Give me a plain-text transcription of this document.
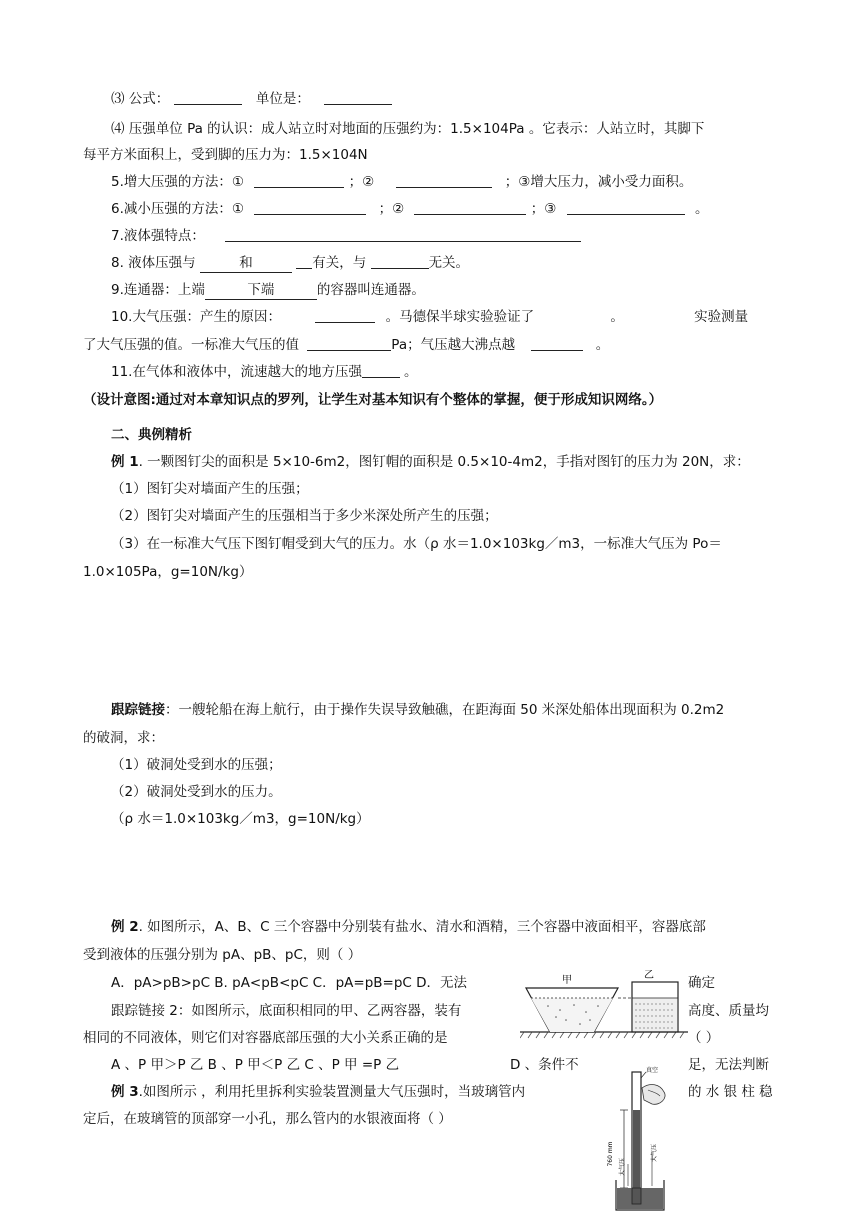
⑶ 公式：	单位是：
⑷ 压强单位 Pa 的认识：成人站立时对地面的压强约为：1.5×104Pa 。它表示：人站立时，其脚下
每平方米面积上，受到脚的压力为：1.5×104N
5.增大压强的方法：①	；②	；③增大压力，减小受力面积。
6.减小压强的方法：①	；②	；③	。
7.液体强特点：
8. 液体压强与	和	有关，与	无关。
9.连通器：上端	下端	的容器叫连通器。
10.大气压强：产生的原因：	。马德保半球实验验证了	。	实验测量
了大气压强的值。一标准大气压的值	Pa；气压越大沸点越	。
11.在气体和液体中，流速越大的地方压强	。
（设计意图:通过对本章知识点的罗列，让学生对基本知识有个整体的掌握，便于形成知识网络。）
二、典例精析
例 1. 一颗图钉尖的面积是 5×10-6m2，图钉帽的面积是 0.5×10-4m2，手指对图钉的压力为 20N，求：
（1）图钉尖对墙面产生的压强；
（2）图钉尖对墙面产生的压强相当于多少米深处所产生的压强；
（3）在一标准大气压下图钉帽受到大气的压力。水（ρ 水＝1.0×103kg／m3，一标准大气压为 Po＝
1.0×105Pa，g=10N/kg）
跟踪链接：一艘轮船在海上航行，由于操作失误导致触礁，在距海面 50 米深处船体出现面积为 0.2m2
的破洞，求：
（1）破洞处受到水的压强；
（2）破洞处受到水的压力。
（ρ 水＝1.0×103kg／m3，g=10N/kg）
例 2. 如图所示，A、B、C 三个容器中分别装有盐水、清水和酒精，三个容器中液面相平，容器底部
受到液体的压强分别为 pA、pB、pC，则（ ）
A．pA>pB>pC B. pA<pB<pC C．pA=pB=pC D．无法	确定
跟踪链接 2：如图所示，底面积相同的甲、乙两容器，装有	高度、质量均
相同的不同液体，则它们对容器底部压强的大小关系正确的是	（ ）
A 、P 甲＞P 乙 B 、P 甲＜P 乙 C 、P 甲 =P 乙	D 、条件不	足，无法判断
例 3.如图所示 ，利用托里拆利实验装置测量大气压强时，当玻璃管内	的 水 银 柱 稳
定后，在玻璃管的顶部穿一小孔，那么管内的水银液面将（ ）
甲	乙
真空
760 mm
大气压
大气压
